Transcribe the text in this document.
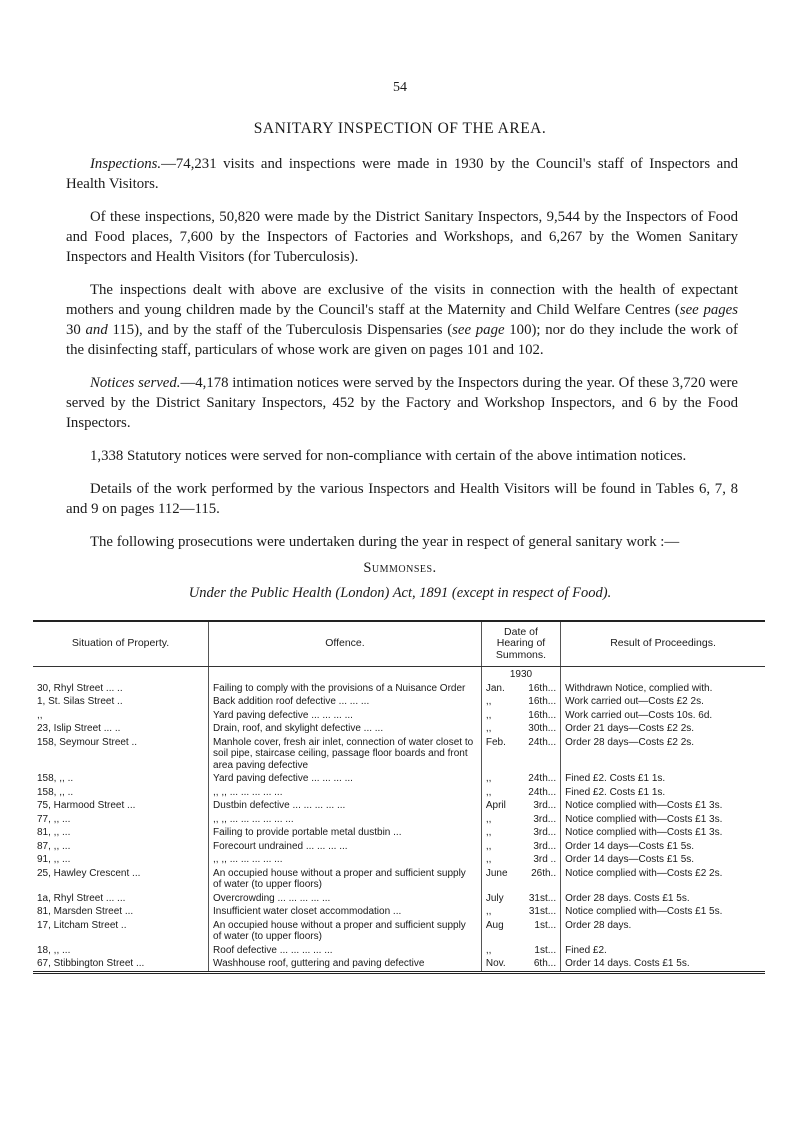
54
SANITARY INSPECTION OF THE AREA.

Inspections.—74,231 visits and inspections were made in 1930 by the Council's staff of Inspectors and Health Visitors.

Of these inspections, 50,820 were made by the District Sanitary Inspectors, 9,544 by the Inspectors of Food and Food places, 7,600 by the Inspectors of Factories and Workshops, and 6,267 by the Women Sanitary Inspectors and Health Visitors (for Tuberculosis).

The inspections dealt with above are exclusive of the visits in connection with the health of expectant mothers and young children made by the Council's staff at the Maternity and Child Welfare Centres (see pages 30 and 115), and by the staff of the Tuberculosis Dispensaries (see page 100); nor do they include the work of the disinfecting staff, particulars of whose work are given on pages 101 and 102.

Notices served.—4,178 intimation notices were served by the Inspectors during the year. Of these 3,720 were served by the District Sanitary Inspectors, 452 by the Factory and Workshop Inspectors, and 6 by the Food Inspectors.

1,338 Statutory notices were served for non-compliance with certain of the above intimation notices.

Details of the work performed by the various Inspectors and Health Visitors will be found in Tables 6, 7, 8 and 9 on pages 112—115.

The following prosecutions were undertaken during the year in respect of general sanitary work :—

Summonses.
Under the Public Health (London) Act, 1891 (except in respect of Food).
Situation of Property.	Offence.	Date of Hearing of Summons.	Result of Proceedings.
		1930	
30, Rhyl Street ... ..	Failing to comply with the provisions of a Nuisance Order	Jan. 16th...	Withdrawn Notice, complied with.
1, St. Silas Street ..	Back addition roof defective ... ... ...	,, 16th...	Work carried out—Costs £2 2s.
,,	Yard paving defective ... ... ... ...	,, 16th...	Work carried out—Costs 10s. 6d.
23, Islip Street ... ..	Drain, roof, and skylight defective ... ...	,, 30th...	Order 21 days—Costs £2 2s.
158, Seymour Street ..	Manhole cover, fresh air inlet, connection of water closet to soil pipe, staircase ceiling, passage floor boards and front area paving defective	Feb. 24th...	Order 28 days—Costs £2 2s.
158, ,, ..	Yard paving defective ... ... ... ...	,, 24th...	Fined £2. Costs £1 1s.
158, ,, ..	,, ,, ... ... ... ... ...	,, 24th...	Fined £2. Costs £1 1s.
75, Harmood Street ...	Dustbin defective ... ... ... ... ...	April 3rd...	Notice complied with—Costs £1 3s.
77, ,, ...	,, ,, ... ... ... ... ... ...	,, 3rd...	Notice complied with—Costs £1 3s.
81, ,, ...	Failing to provide portable metal dustbin ...	,, 3rd...	Notice complied with—Costs £1 3s.
87, ,, ...	Forecourt undrained ... ... ... ...	,, 3rd...	Order 14 days—Costs £1 5s.
91, ,, ...	,, ,, ... ... ... ... ...	,, 3rd ..	Order 14 days—Costs £1 5s.
25, Hawley Crescent ...	An occupied house without a proper and sufficient supply of water (to upper floors)	June 26th..	Notice complied with—Costs £2 2s.
1a, Rhyl Street ... ...	Overcrowding ... ... ... ... ...	July 31st...	Order 28 days. Costs £1 5s.
81, Marsden Street ...	Insufficient water closet accommodation ...	,, 31st...	Notice complied with—Costs £1 5s.
17, Litcham Street ..	An occupied house without a proper and sufficient supply of water (to upper floors)	Aug 1st...	Order 28 days.
18, ,, ...	Roof defective ... ... ... ... ...	,, 1st...	Fined £2.
67, Stibbington Street ...	Washhouse roof, guttering and paving defective	Nov. 6th...	Order 14 days. Costs £1 5s.
